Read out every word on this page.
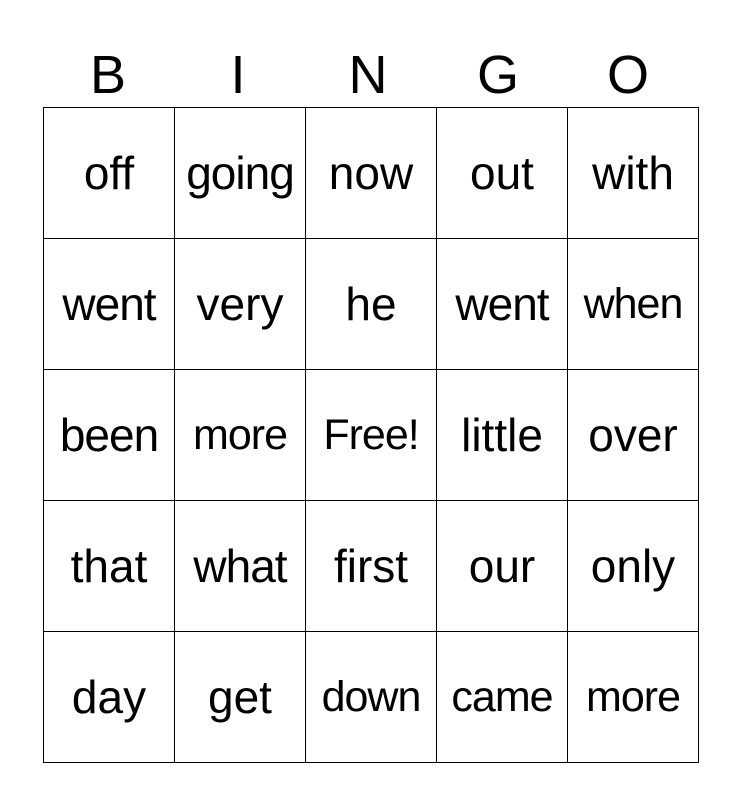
B	I	N	G	O
off	going	now	out	with
went	very	he	went	when
been	more	Free!	little	over
that	what	first	our	only
day	get	down	came	more
